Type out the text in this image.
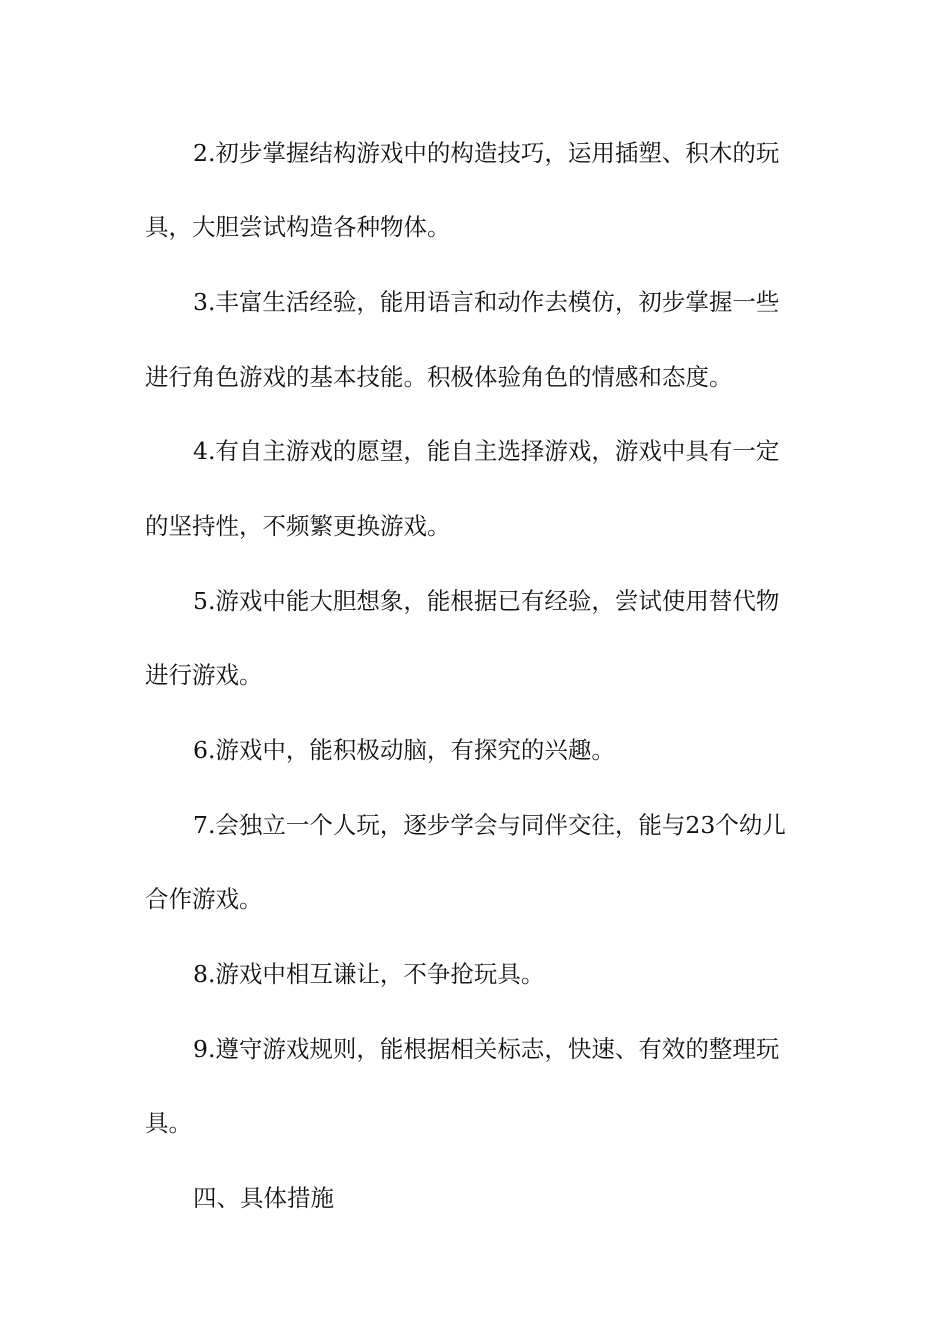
2.初步掌握结构游戏中的构造技巧，运用插塑、积木的玩
具，大胆尝试构造各种物体。
3.丰富生活经验，能用语言和动作去模仿，初步掌握一些
进行角色游戏的基本技能。积极体验角色的情感和态度。
4.有自主游戏的愿望，能自主选择游戏，游戏中具有一定
的坚持性，不频繁更换游戏。
5.游戏中能大胆想象，能根据已有经验，尝试使用替代物
进行游戏。
6.游戏中，能积极动脑，有探究的兴趣。
7.会独立一个人玩，逐步学会与同伴交往，能与23个幼儿
合作游戏。
8.游戏中相互谦让，不争抢玩具。
9.遵守游戏规则，能根据相关标志，快速、有效的整理玩
具。
四、具体措施
